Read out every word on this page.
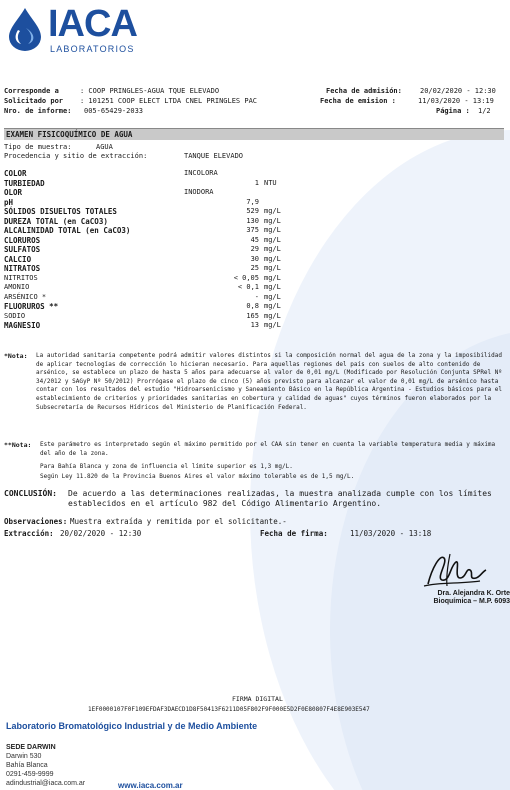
IACA
LABORATORIOS
Corresponde a	: COOP PRINGLES-AGUA TQUE ELEVADO
Solicitado por : 101251 COOP ELECT LTDA CNEL PRINGLES PAC
Nro. de informe: 005-65429-2033
Fecha de admisión:	20/02/2020 - 12:30
Fecha de emision :	11/03/2020 - 13:19
Página : 1/2
EXAMEN FISICOQUÍMICO DE AGUA
Tipo de muestra:	AGUA
Procedencia y sitio de extracción:	TANQUE ELEVADO
COLOR	INCOLORA
TURBIEDAD	1 NTU
OLOR	INODORA
pH	7,9
SÓLIDOS DISUELTOS TOTALES	529 mg/L
DUREZA TOTAL (en CaCO3)	130 mg/L
ALCALINIDAD TOTAL (en CaCO3)	375 mg/L
CLORUROS	45 mg/L
SULFATOS	29 mg/L
CALCIO	30 mg/L
NITRATOS	25 mg/L
NITRITOS	< 0,05 mg/L
AMONIO	< 0,1 mg/L
ARSÉNICO *	- mg/L
FLUORUROS **	0,8 mg/L
SODIO	165 mg/L
MAGNESIO	13 mg/L
*Nota: La autoridad sanitaria competente podrá admitir valores distintos si la composición normal del agua de la zona y la imposibilidad de aplicar tecnologías de corrección lo hicieran necesario. Para aquellas regiones del país con suelos de alto contenido de arsénico, se establece un plazo de hasta 5 años para adecuarse al valor de 0,01 mg/L (Modificado por Resolución Conjunta SPRel Nº 34/2012 y SAGyP Nº 50/2012) Prorrógase el plazo de cinco (5) años previsto para alcanzar el valor de 0,01 mg/L de arsénico hasta contar con los resultados del estudio "Hidroarsenicismo y Saneamiento Básico en la República Argentina - Estudios básicos para el establecimiento de criterios y prioridades sanitarias en cobertura y calidad de aguas" cuyos términos fueron elaborados por la Subsecretaría de Recursos Hídricos del Ministerio de Planificación Federal.
**Nota: Este parámetro es interpretado según el máximo permitido por el CAA sin tener en cuenta la variable temperatura media y máxima del año de la zona.
Para Bahía Blanca y zona de influencia el límite superior es 1,3 mg/L.
Según Ley 11.820 de la Provincia Buenos Aires el valor máximo tolerable es de 1,5 mg/L.
CONCLUSIÓN: De acuerdo a las determinaciones realizadas, la muestra analizada cumple con los límites establecidos en el artículo 982 del Código Alimentario Argentino.
Observaciones: Muestra extraída y remitida por el solicitante.-
Extracción: 20/02/2020 - 12:30	Fecha de firma:	11/03/2020 - 13:18
Dra. Alejandra K. Orte
Bioquímica – M.P. 6093
FIRMA DIGITAL
1EF0000107F0F109EFDAF3DAECD1D8F50413F6211D05F802F9F000E5D2F0E80807F4E8E903E547
Laboratorio Bromatológico Industrial y de Medio Ambiente
SEDE DARWIN
Darwin 530
Bahía Blanca
0291-459-9999
adindustrial@iaca.com.ar	www.iaca.com.ar
